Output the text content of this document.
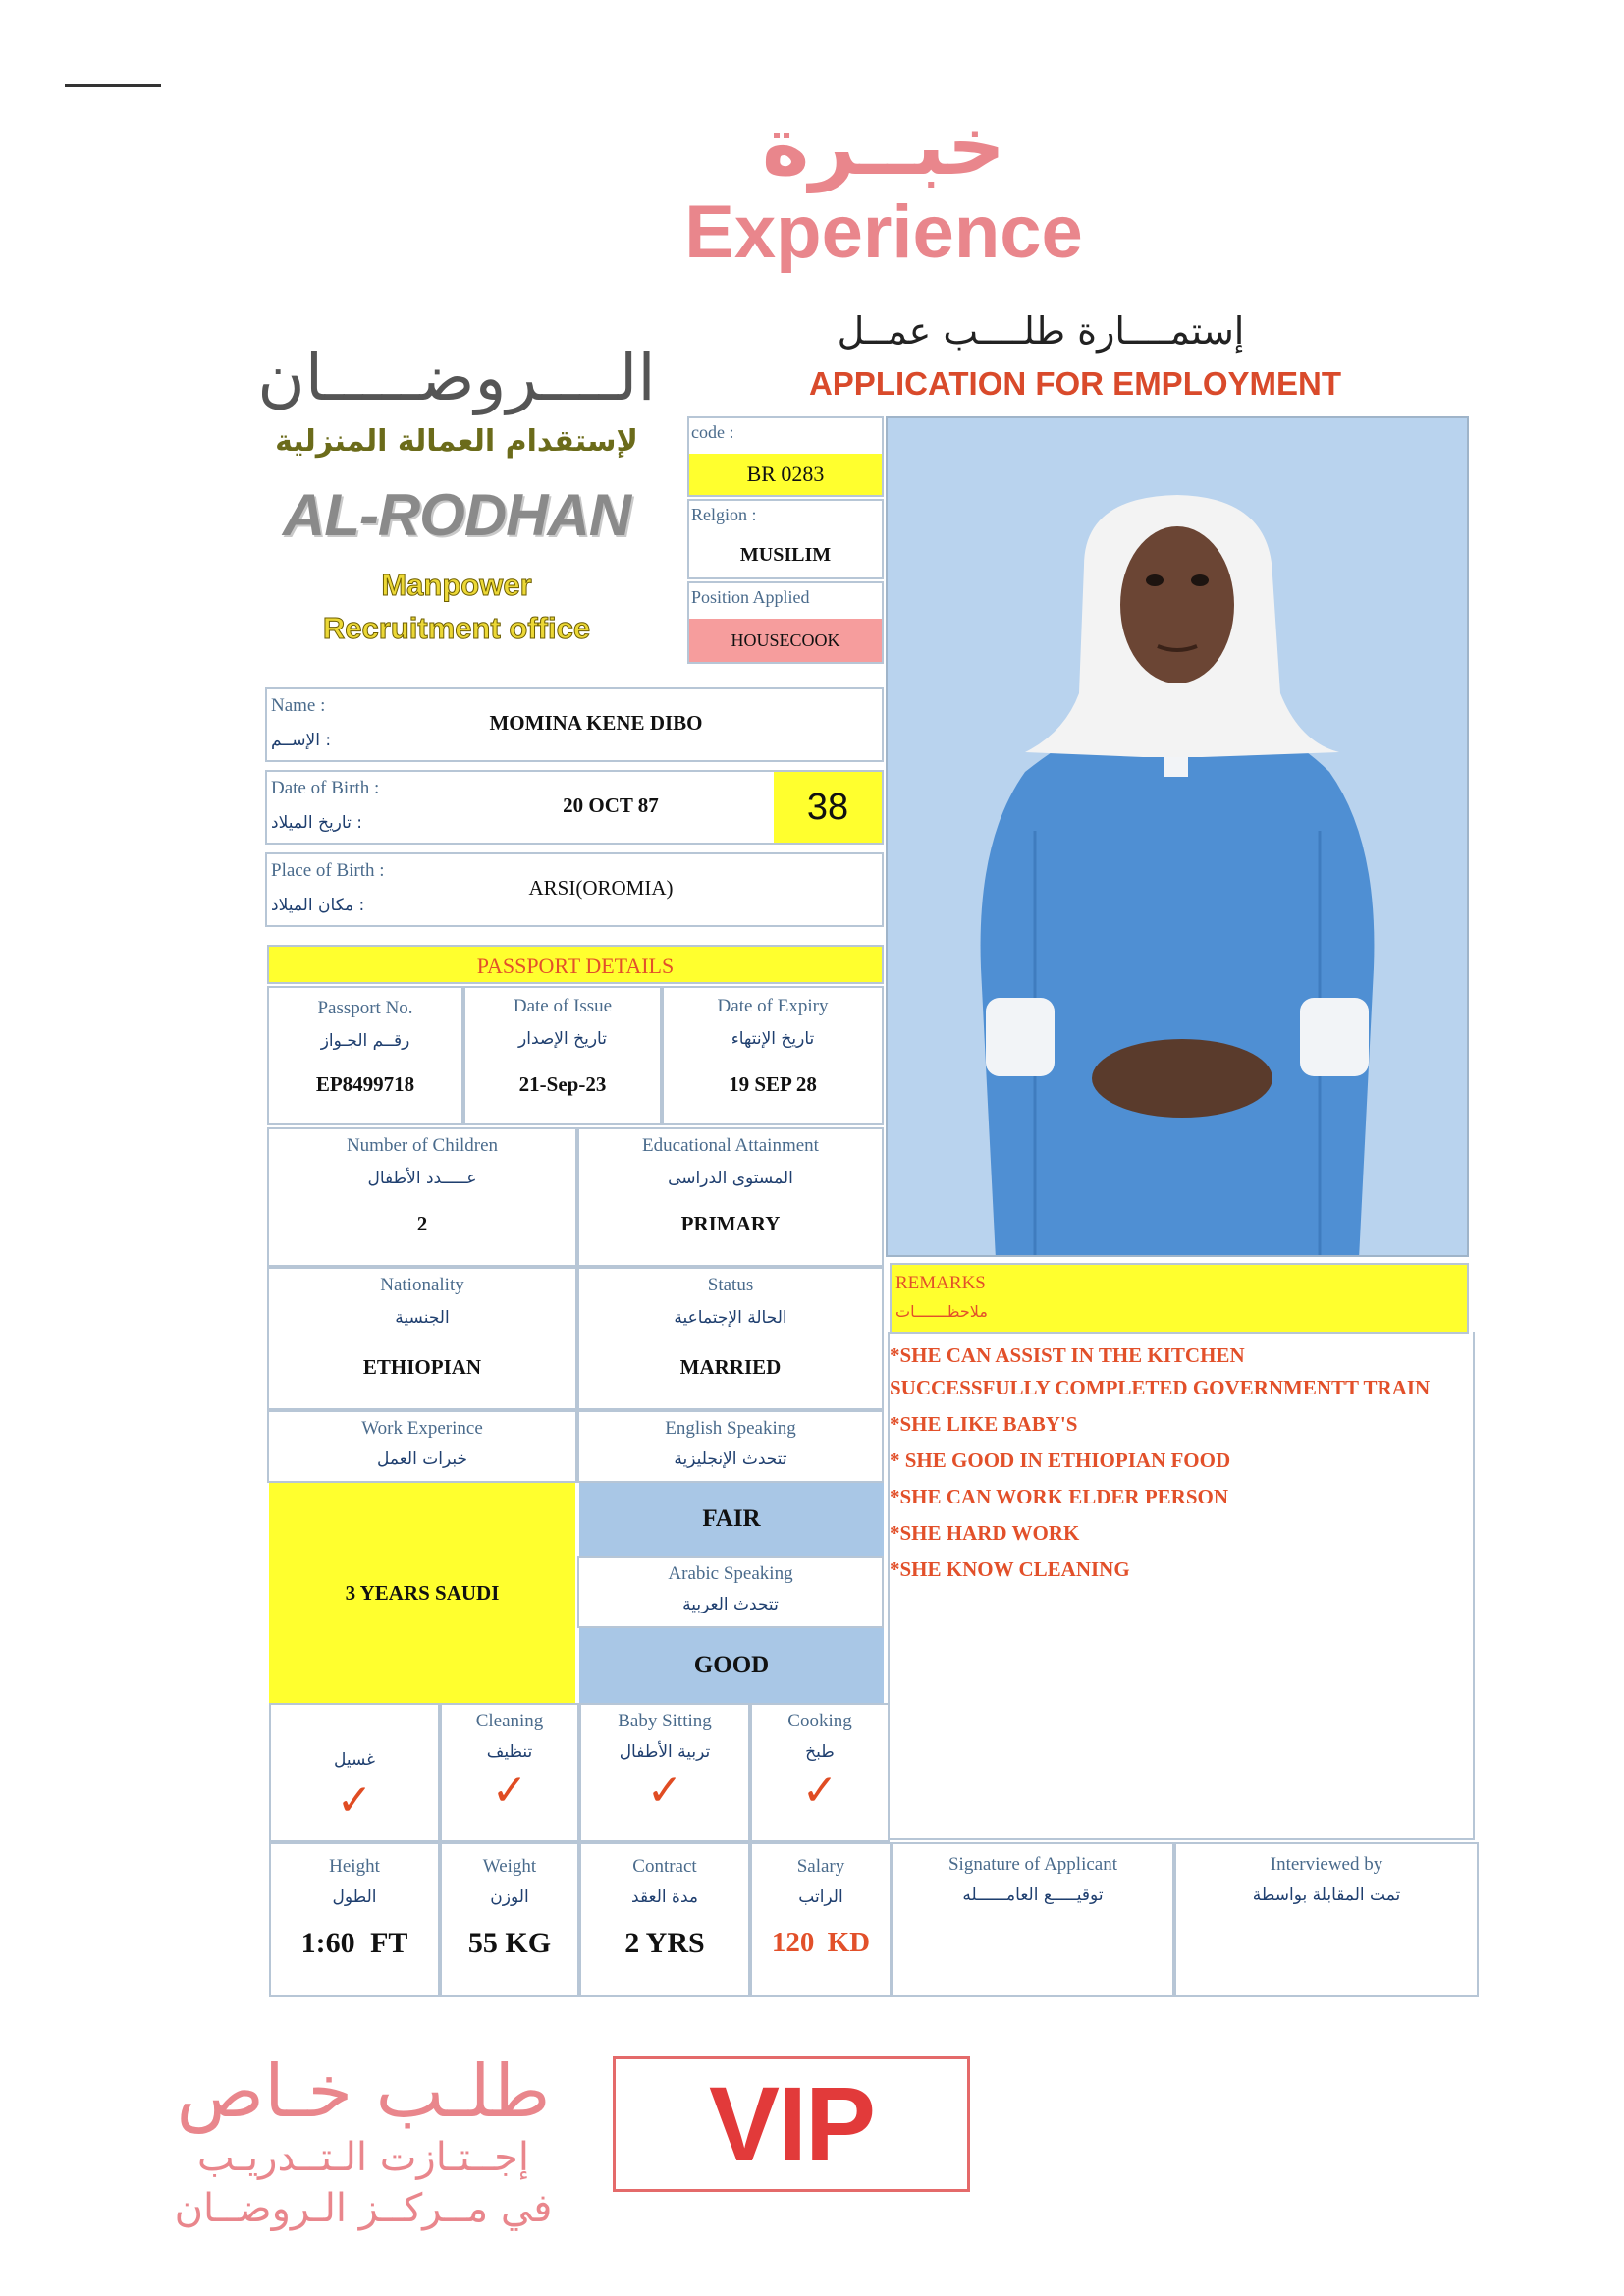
خبــرة
Experience
الــــروضـــــان
لإستقدام العمالة المنزلية
AL-RODHAN
Manpower
Recruitment office
إستمــــارة طلــــب عمــل
APPLICATION FOR EMPLOYMENT
code :
BR 0283
Relgion :
MUSILIM
Position Applied
HOUSECOOK
Name :
: الإســم
MOMINA KENE DIBO
Date of Birth :
: تاريخ الميلاد
20 OCT 87	38
Place of Birth :
: مكان الميلاد
ARSI(OROMIA)
PASSPORT DETAILS
Passport No.
رقــم الجـواز
EP8499718
Date of Issue
تاريخ الإصدار
21-Sep-23
Date of Expiry
تاريخ الإنتهاء
19 SEP 28
Number of Children
عـــــدد الأطفال
2
Educational Attainment
المستوى الدراسى
PRIMARY
Nationality
الجنسية
ETHIOPIAN
Status
الحالة الإجتماعية
MARRIED
Work Experince
خبرات العمل
3 YEARS SAUDI
English Speaking
تتحدث الإنجليزية
FAIR
Arabic Speaking
تتحدث العربية
GOOD
REMARKS
ملاحظـــــــات
*SHE CAN ASSIST IN THE KITCHEN
SUCCESSFULLY COMPLETED GOVERNMENTT TRAIN
*SHE LIKE BABY'S
* SHE GOOD IN ETHIOPIAN FOOD
*SHE CAN WORK ELDER PERSON
*SHE HARD WORK
*SHE KNOW CLEANING
غسيل
✓
Cleaning
تنظيف
✓
Baby Sitting
تربية الأطفال
✓
Cooking
طبخ
✓
Height
الطول
1:60 FT
Weight
الوزن
55 KG
Contract
مدة العقد
2 YRS
Salary
الراتب
120 KD
Signature of Applicant
توقيـــــع العامــــــله
Interviewed by
تمت المقابلة بواسطة
طلـب خـاص
إجــتـازت الـتــدريـب
في مــركــز الـروضــان
VIP
